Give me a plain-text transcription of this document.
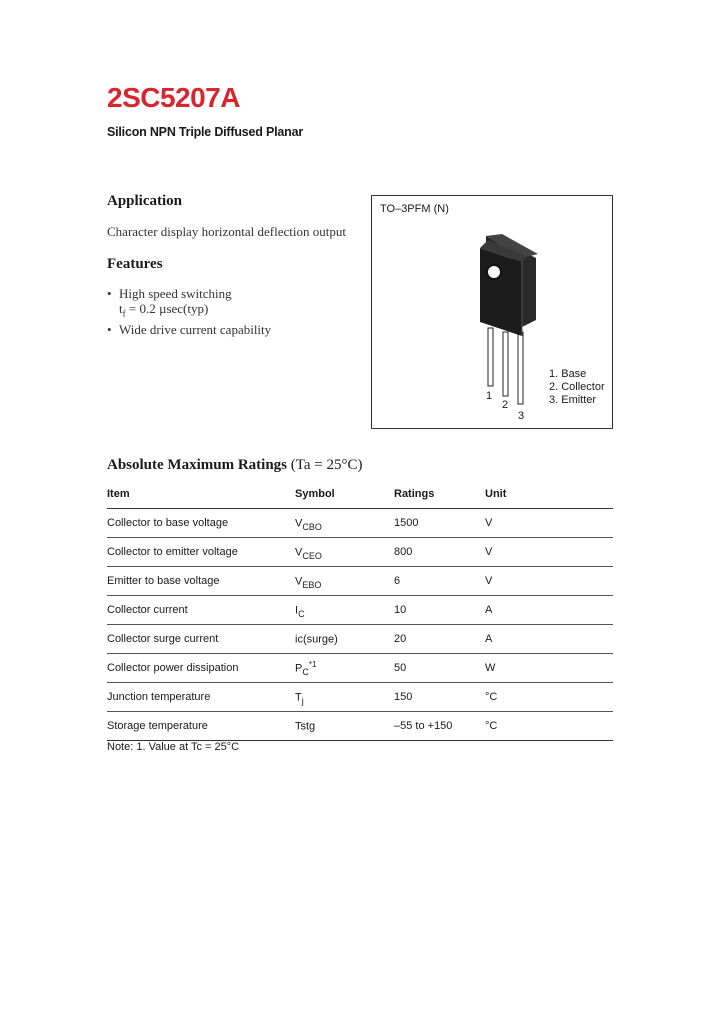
2SC5207A
Silicon NPN Triple Diffused Planar
Application
Character display horizontal deflection output
Features
• High speed switching
$t_f = 0.2$ µsec(typ)
• Wide drive current capability
TO–3PFM (N)
1
2
3
1. Base
2. Collector
3. Emitter
Absolute Maximum Ratings (Ta = 25°C)
Item	Symbol	Ratings	Unit
Collector to base voltage	$V_{CBO}$	1500	V
Collector to emitter voltage	$V_{CEO}$	800	V
Emitter to base voltage	$V_{EBO}$	6	V
Collector current	$I_C$	10	A
Collector surge current	ic(surge)	20	A
Collector power dissipation	$P_C^{*1}$	50	W
Junction temperature	$T_j$	150	°C
Storage temperature	Tstg	–55 to +150	°C
Note: 1. Value at Tc = 25°C
